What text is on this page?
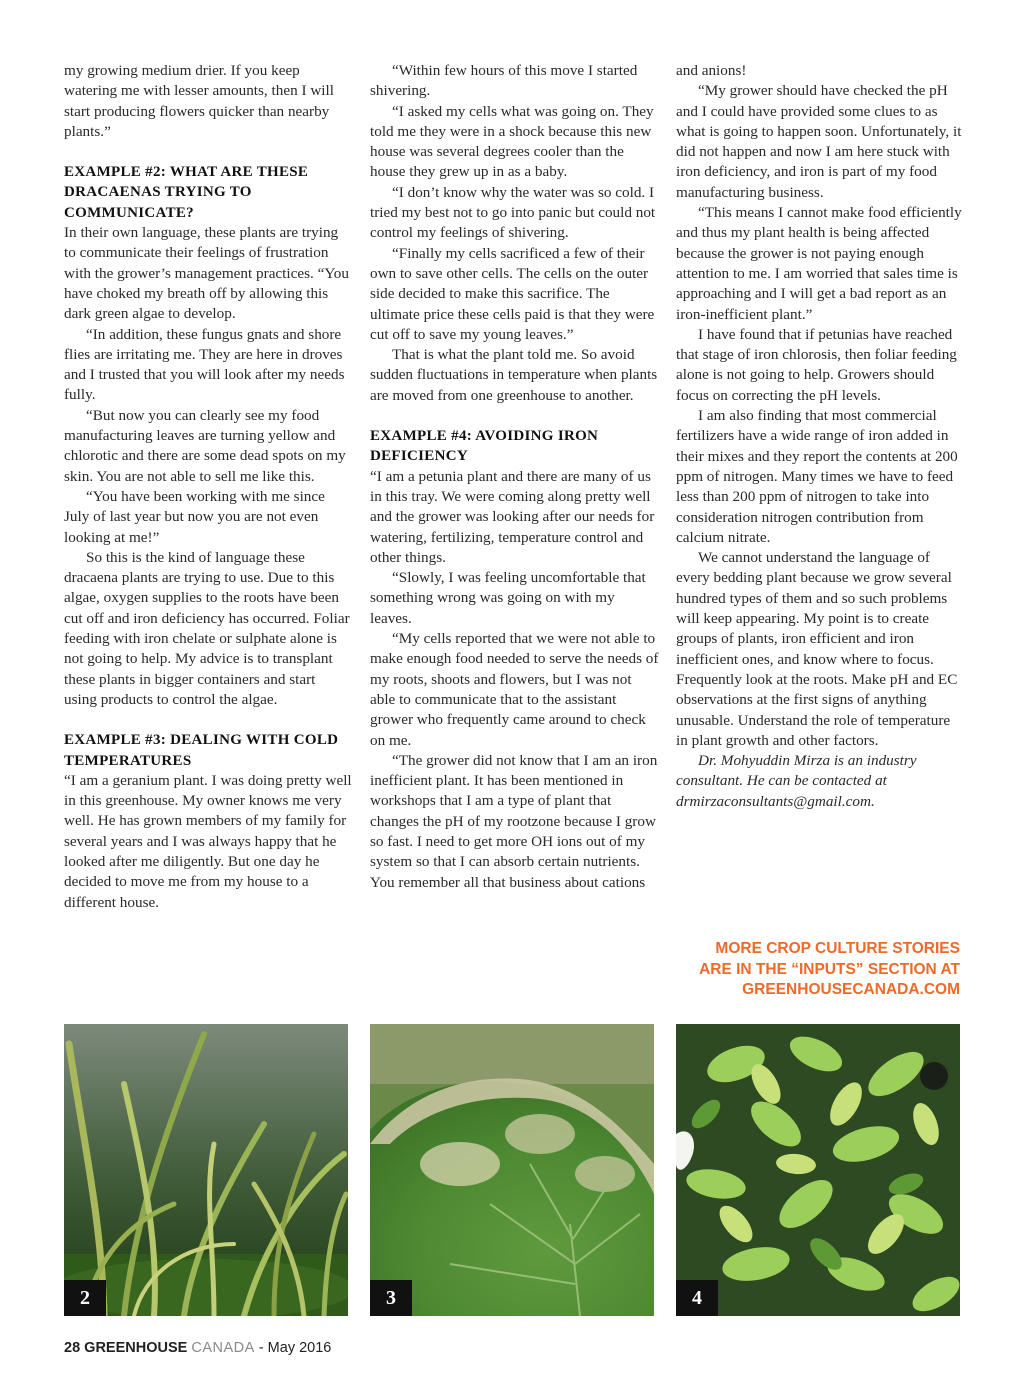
my growing medium drier. If you keep watering me with lesser amounts, then I will start producing flowers quicker than nearby plants.”

EXAMPLE #2: WHAT ARE THESE DRACAENAS TRYING TO COMMUNICATE?

In their own language, these plants are trying to communicate their feelings of frustration with the grower’s management practices. “You have choked my breath off by allowing this dark green algae to develop.

“In addition, these fungus gnats and shore flies are irritating me. They are here in droves and I trusted that you will look after my needs fully.

“But now you can clearly see my food manufacturing leaves are turning yellow and chlorotic and there are some dead spots on my skin. You are not able to sell me like this.

“You have been working with me since July of last year but now you are not even looking at me!”

So this is the kind of language these dracaena plants are trying to use. Due to this algae, oxygen supplies to the roots have been cut off and iron deficiency has occurred. Foliar feeding with iron chelate or sulphate alone is not going to help. My advice is to transplant these plants in bigger containers and start using products to control the algae.

EXAMPLE #3: DEALING WITH COLD TEMPERATURES

“I am a geranium plant. I was doing pretty well in this greenhouse. My owner knows me very well. He has grown members of my family for several years and I was always happy that he looked after me diligently. But one day he decided to move me from my house to a different house.

“Within few hours of this move I started shivering.

“I asked my cells what was going on. They told me they were in a shock because this new house was several degrees cooler than the house they grew up in as a baby.

“I don’t know why the water was so cold. I tried my best not to go into panic but could not control my feelings of shivering.

“Finally my cells sacrificed a few of their own to save other cells. The cells on the outer side decided to make this sacrifice. The ultimate price these cells paid is that they were cut off to save my young leaves.”

That is what the plant told me. So avoid sudden fluctuations in temperature when plants are moved from one greenhouse to another.

EXAMPLE #4: AVOIDING IRON DEFICIENCY

“I am a petunia plant and there are many of us in this tray. We were coming along pretty well and the grower was looking after our needs for watering, fertilizing, temperature control and other things.

“Slowly, I was feeling uncomfortable that something wrong was going on with my leaves.

“My cells reported that we were not able to make enough food needed to serve the needs of my roots, shoots and flowers, but I was not able to communicate that to the assistant grower who frequently came around to check on me.

“The grower did not know that I am an iron inefficient plant. It has been mentioned in workshops that I am a type of plant that changes the pH of my rootzone because I grow so fast. I need to get more OH ions out of my system so that I can absorb certain nutrients. You remember all that business about cations

and anions!

“My grower should have checked the pH and I could have provided some clues to as what is going to happen soon. Unfortunately, it did not happen and now I am here stuck with iron deficiency, and iron is part of my food manufacturing business.

“This means I cannot make food efficiently and thus my plant health is being affected because the grower is not paying enough attention to me. I am worried that sales time is approaching and I will get a bad report as an iron-inefficient plant.”

I have found that if petunias have reached that stage of iron chlorosis, then foliar feeding alone is not going to help. Growers should focus on correcting the pH levels.

I am also finding that most commercial fertilizers have a wide range of iron added in their mixes and they report the contents at 200 ppm of nitrogen. Many times we have to feed less than 200 ppm of nitrogen to take into consideration nitrogen contribution from calcium nitrate.

We cannot understand the language of every bedding plant because we grow several hundred types of them and so such problems will keep appearing. My point is to create groups of plants, iron efficient and iron inefficient ones, and know where to focus. Frequently look at the roots. Make pH and EC observations at the first signs of anything unusable. Understand the role of temperature in plant growth and other factors.

Dr. Mohyuddin Mirza is an industry consultant. He can be contacted at drmirzaconsultants@gmail.com.

MORE CROP CULTURE STORIES
ARE IN THE “INPUTS” SECTION AT
GREENHOUSECANADA.COM
2	3	4
28 GREENHOUSE CANADA - May 2016
